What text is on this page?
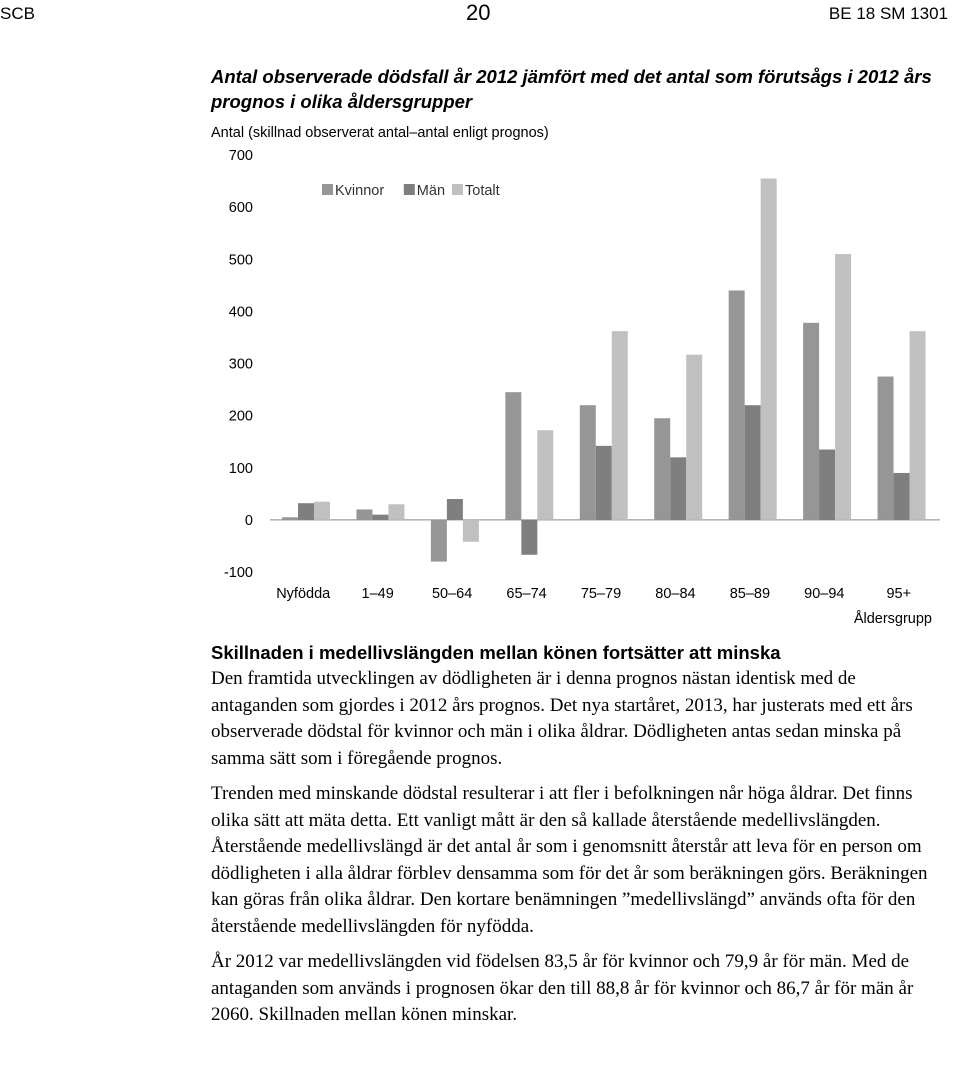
SCB	20	BE 18 SM 1301
Antal observerade dödsfall år 2012 jämfört med det antal som förutsågs i 2012 års prognos i olika åldersgrupper

Antal (skillnad observerat antal–antal enligt prognos)

700
600
500
400
300
200
100
0
-100
Nyfödda 1–49	50–64 65–74 75–79 80–84 85–89 90–94	95+
Åldersgrupp
Kvinnor Män Totalt
Skillnaden i medellivslängden mellan könen fortsätter att minska

Den framtida utvecklingen av dödligheten är i denna prognos nästan identisk med de antaganden som gjordes i 2012 års prognos. Det nya startåret, 2013, har justerats med ett års observerade dödstal för kvinnor och män i olika åldrar. Dödligheten antas sedan minska på samma sätt som i föregående prognos.

Trenden med minskande dödstal resulterar i att fler i befolkningen når höga åldrar. Det finns olika sätt att mäta detta. Ett vanligt mått är den så kallade återstående medellivslängden. Återstående medellivslängd är det antal år som i genomsnitt återstår att leva för en person om dödligheten i alla åldrar förblev densamma som för det år som beräkningen görs. Beräkningen kan göras från olika åldrar. Den kortare benämningen ”medellivslängd” används ofta för den återstående medellivslängden för nyfödda.

År 2012 var medellivslängden vid födelsen 83,5 år för kvinnor och 79,9 år för män. Med de antaganden som används i prognosen ökar den till 88,8 år för kvinnor och 86,7 år för män år 2060. Skillnaden mellan könen minskar.
